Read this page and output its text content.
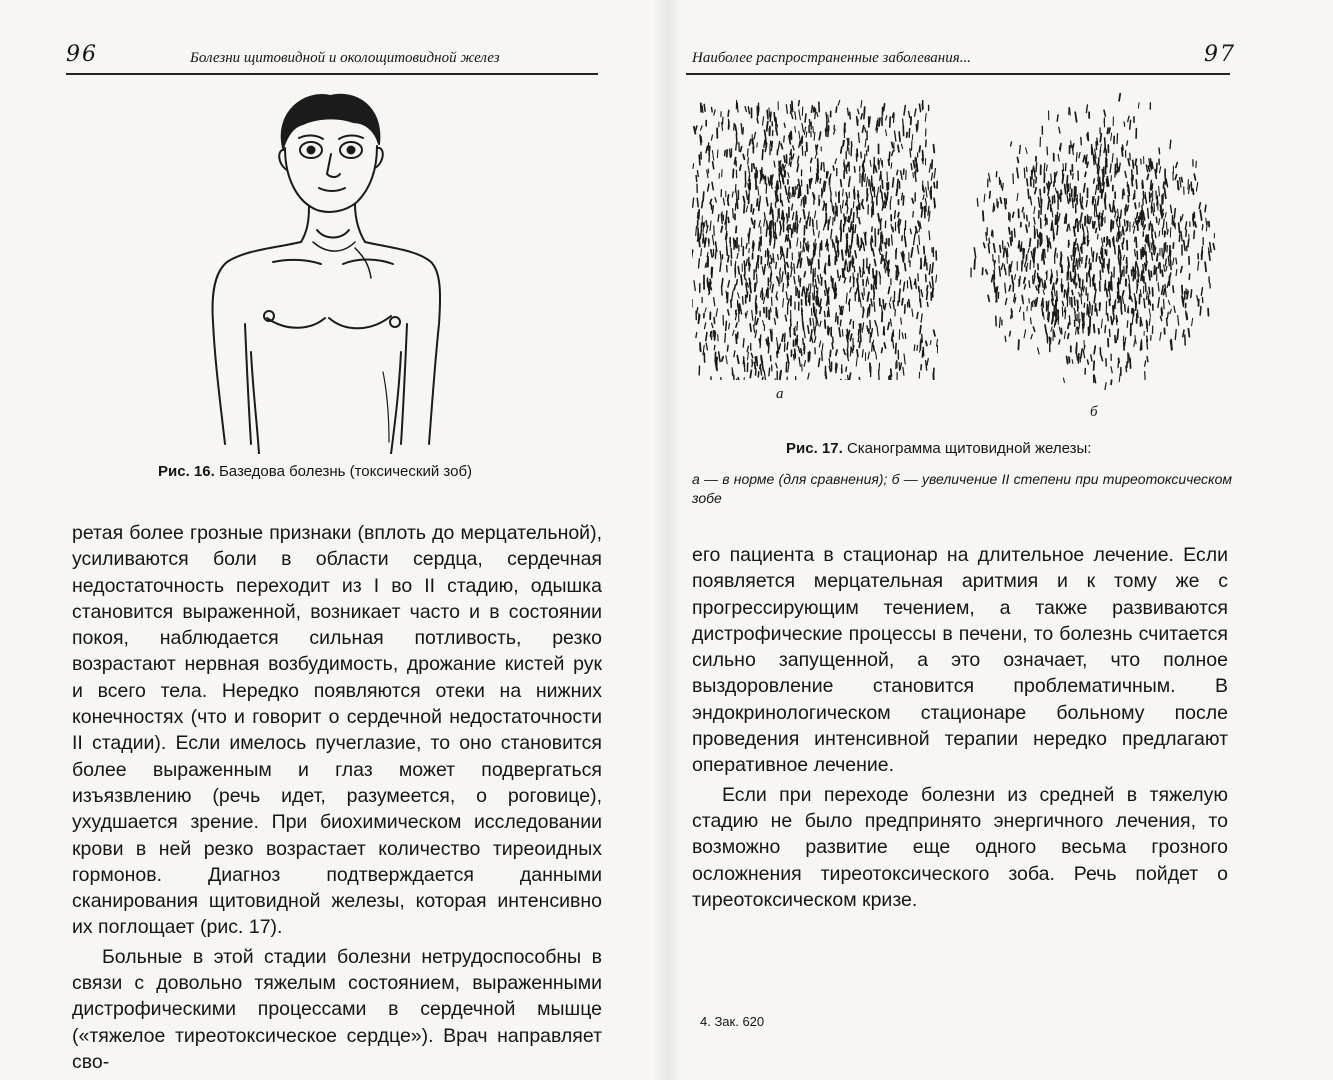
96	Болезни щитовидной и околощитовидной желез
Рис. 16. Базедова болезнь (токсический зоб)

ретая более грозные признаки (вплоть до мерцательной), усиливаются боли в области сердца, сердечная недостаточность переходит из I во II стадию, одышка становится выраженной, возникает часто и в состоянии покоя, наблюдается сильная потливость, резко возрастают нервная возбудимость, дрожание кистей рук и всего тела. Нередко появляются отеки на нижних конечностях (что и говорит о сердечной недостаточности II стадии). Если имелось пучеглазие, то оно становится более выраженным и глаз может подвергаться изъязвлению (речь идет, разумеется, о роговице), ухудшается зрение. При биохимическом исследовании крови в ней резко возрастает количество тиреоидных гормонов. Диагноз подтверждается данными сканирования щитовидной железы, которая интенсивно их поглощает (рис. 17).

Больные в этой стадии болезни нетрудоспособны в связи с довольно тяжелым состоянием, выраженными дистрофическими процессами в сердечной мышце («тяжелое тиреотоксическое сердце»). Врач направляет сво-

Наиболее распространенные заболевания...	97
а
б
Рис. 17. Сканограмма щитовидной железы:
а — в норме (для сравнения); б — увеличение II степени при тиреотоксическом зобе

его пациента в стационар на длительное лечение. Если появляется мерцательная аритмия и к тому же с прогрессирующим течением, а также развиваются дистрофические процессы в печени, то болезнь считается сильно запущенной, а это означает, что полное выздоровление становится проблематичным. В эндокринологическом стационаре больному после проведения интенсивной терапии нередко предлагают оперативное лечение.

Если при переходе болезни из средней в тяжелую стадию не было предпринято энергичного лечения, то возможно развитие еще одного весьма грозного осложнения тиреотоксического зоба. Речь пойдет о тиреотоксическом кризе.

4. Зак. 620
